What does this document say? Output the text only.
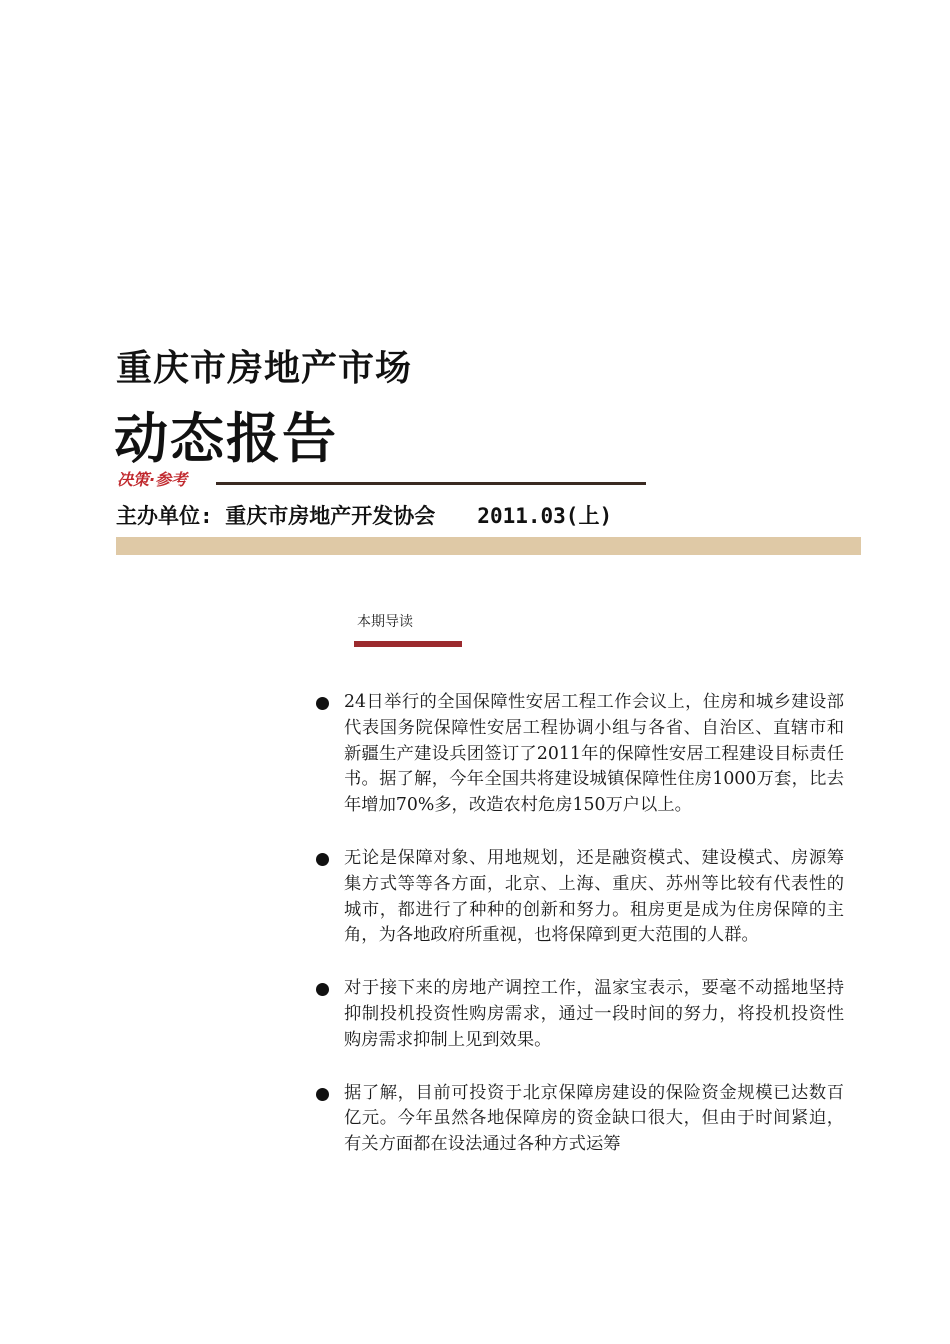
重庆市房地产市场
动态报告
决策·参考
主办单位: 重庆市房地产开发协会 2011.03(上)
本期导读
24日举行的全国保障性安居工程工作会议上，住房和城乡建设部代表国务院保障性安居工程协调小组与各省、自治区、直辖市和新疆生产建设兵团签订了2011年的保障性安居工程建设目标责任书。据了解，今年全国共将建设城镇保障性住房1000万套，比去年增加70%多，改造农村危房150万户以上。
无论是保障对象、用地规划，还是融资模式、建设模式、房源筹集方式等等各方面，北京、上海、重庆、苏州等比较有代表性的城市，都进行了种种的创新和努力。租房更是成为住房保障的主角，为各地政府所重视，也将保障到更大范围的人群。
对于接下来的房地产调控工作，温家宝表示，要毫不动摇地坚持抑制投机投资性购房需求，通过一段时间的努力，将投机投资性购房需求抑制上见到效果。
据了解，目前可投资于北京保障房建设的保险资金规模已达数百亿元。今年虽然各地保障房的资金缺口很大，但由于时间紧迫，有关方面都在设法通过各种方式运筹
